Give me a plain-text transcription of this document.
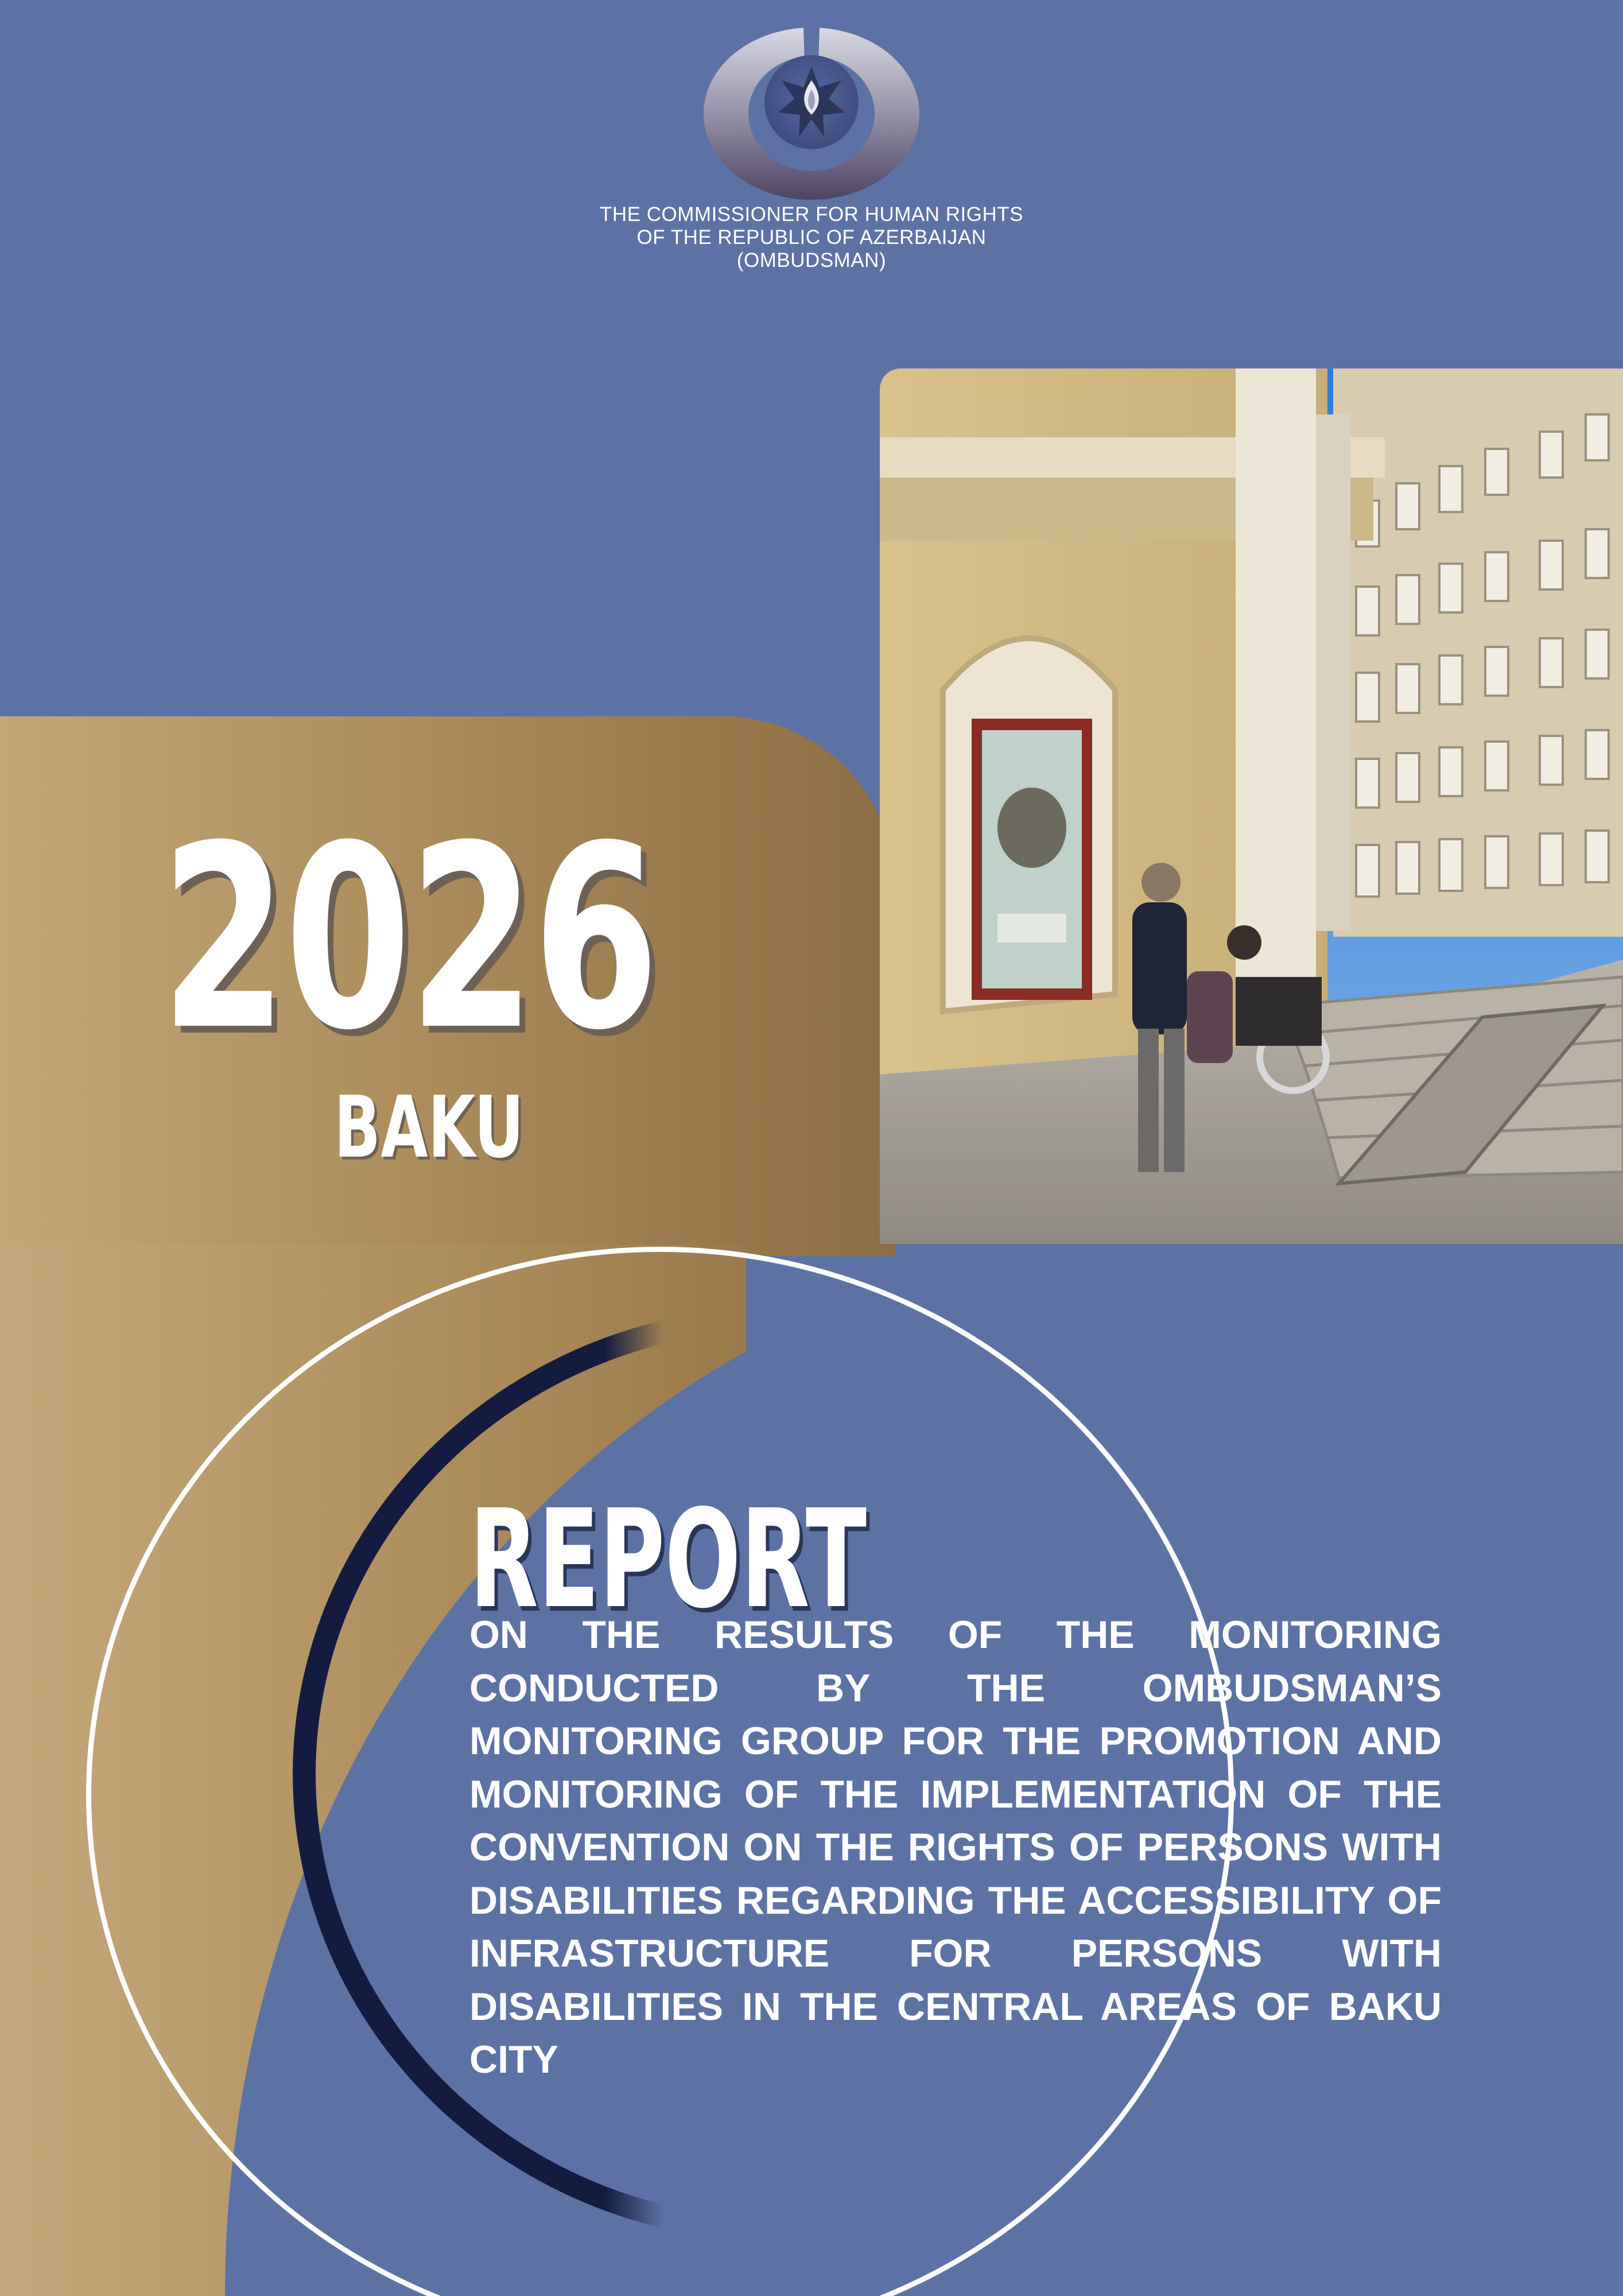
THE COMMISSIONER FOR HUMAN RIGHTS
OF THE REPUBLIC OF AZERBAIJAN
(OMBUDSMAN)
2026
BAKU
REPORT
ON THE RESULTS OF THE MONITORING CONDUCTED BY THE OMBUDSMAN’S MONITORING GROUP FOR THE PROMOTION AND MONITORING OF THE IMPLEMENTATION OF THE CONVENTION ON THE RIGHTS OF PERSONS WITH DISABILITIES REGARDING THE ACCESSIBILITY OF INFRASTRUCTURE FOR PERSONS WITH DISABILITIES IN THE CENTRAL AREAS OF BAKU CITY
